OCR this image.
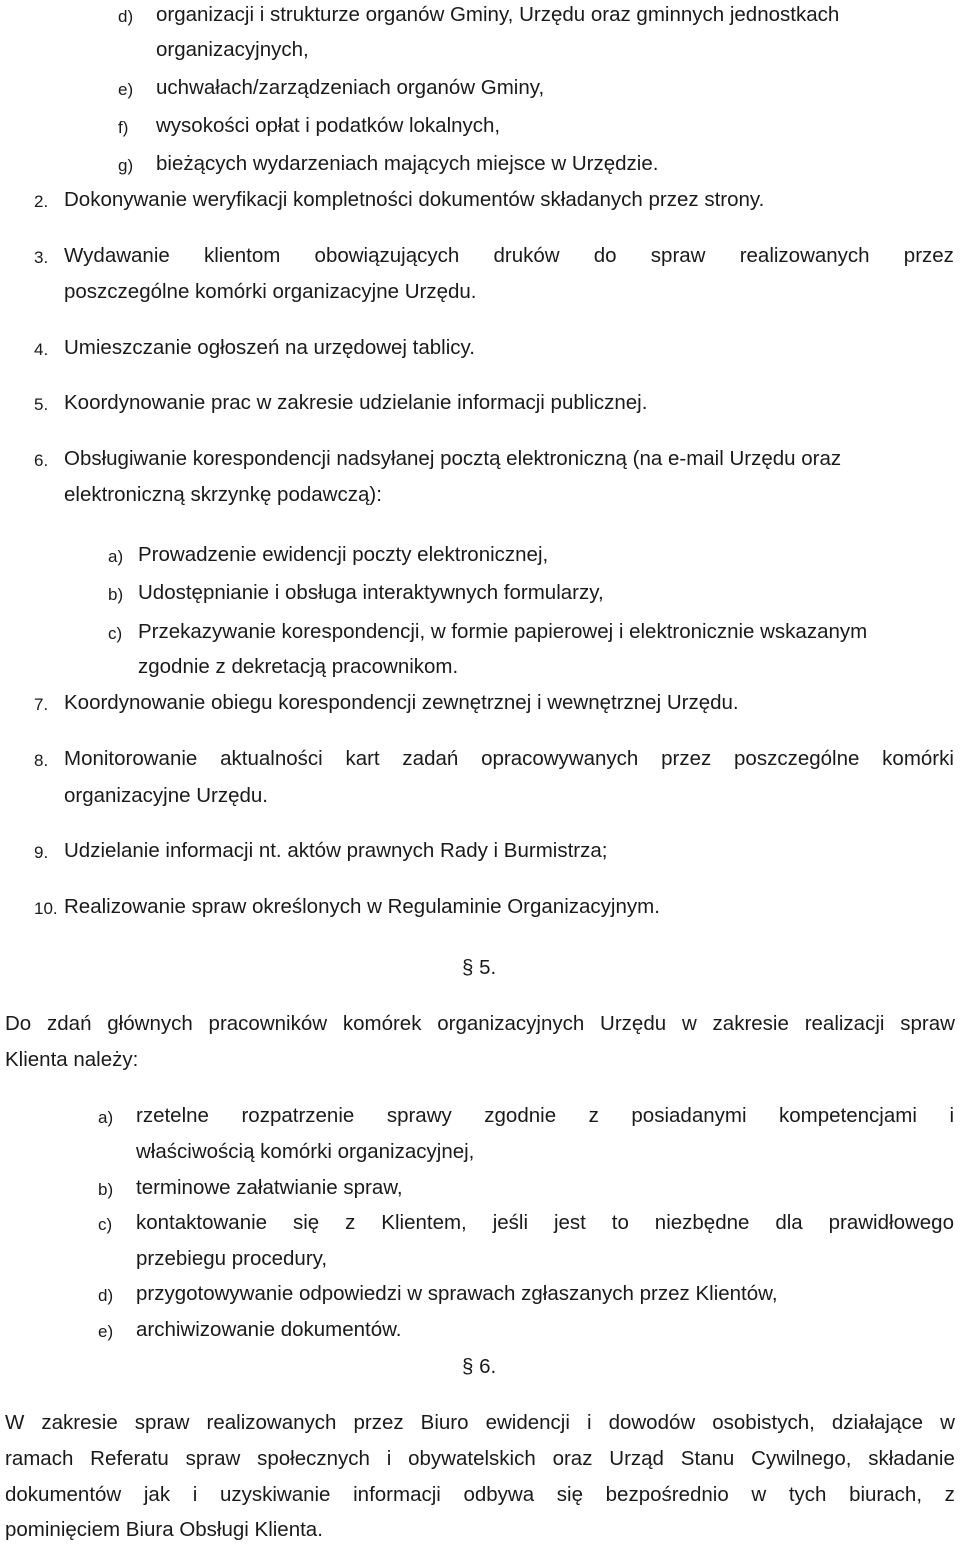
d) organizacji i strukturze organów Gminy, Urzędu oraz gminnych jednostkach
organizacyjnych,
e) uchwałach/zarządzeniach organów Gminy,
f) wysokości opłat i podatków lokalnych,
g) bieżących wydarzeniach mających miejsce w Urzędzie.
2. Dokonywanie weryfikacji kompletności dokumentów składanych przez strony.
3. Wydawanie klientom obowiązujących druków do spraw realizowanych przez
poszczególne komórki organizacyjne Urzędu.
4. Umieszczanie ogłoszeń na urzędowej tablicy.
5. Koordynowanie prac w zakresie udzielanie informacji publicznej.
6. Obsługiwanie korespondencji nadsyłanej pocztą elektroniczną (na e-mail Urzędu oraz
elektroniczną skrzynkę podawczą):
a) Prowadzenie ewidencji poczty elektronicznej,
b) Udostępnianie i obsługa interaktywnych formularzy,
c) Przekazywanie korespondencji, w formie papierowej i elektronicznie wskazanym
zgodnie z dekretacją pracownikom.
7. Koordynowanie obiegu korespondencji zewnętrznej i wewnętrznej Urzędu.
8. Monitorowanie aktualności kart zadań opracowywanych przez poszczególne komórki
organizacyjne Urzędu.
9. Udzielanie informacji nt. aktów prawnych Rady i Burmistrza;
10. Realizowanie spraw określonych w Regulaminie Organizacyjnym.
§ 5.
Do zdań głównych pracowników komórek organizacyjnych Urzędu w zakresie realizacji spraw
Klienta należy:
a) rzetelne rozpatrzenie sprawy zgodnie z posiadanymi kompetencjami i
właściwością komórki organizacyjnej,
b) terminowe załatwianie spraw,
c) kontaktowanie się z Klientem, jeśli jest to niezbędne dla prawidłowego
przebiegu procedury,
d) przygotowywanie odpowiedzi w sprawach zgłaszanych przez Klientów,
e) archiwizowanie dokumentów.
§ 6.
W zakresie spraw realizowanych przez Biuro ewidencji i dowodów osobistych, działające w
ramach Referatu spraw społecznych i obywatelskich oraz Urząd Stanu Cywilnego, składanie
dokumentów jak i uzyskiwanie informacji odbywa się bezpośrednio w tych biurach, z
pominięciem Biura Obsługi Klienta.
